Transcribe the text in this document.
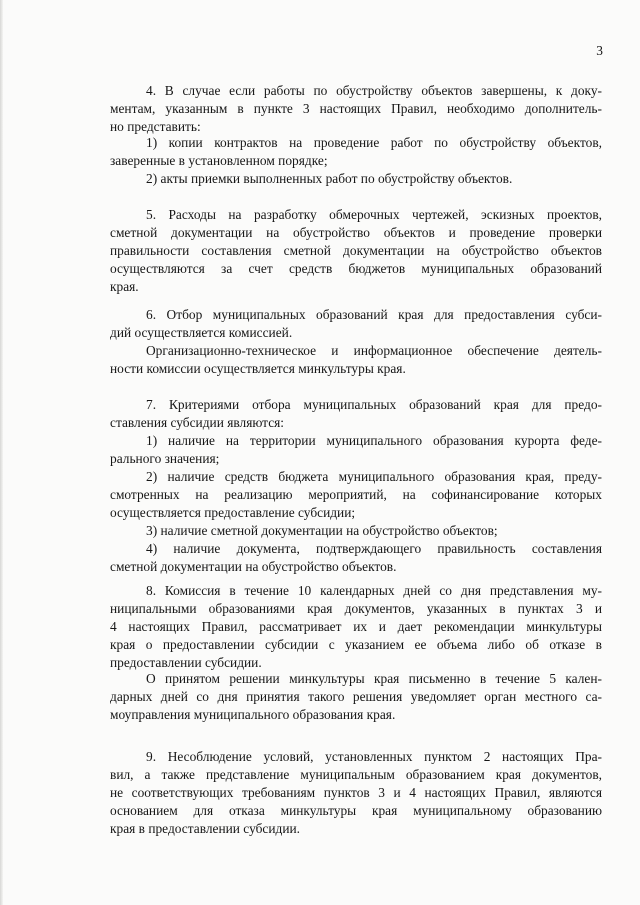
3
4. В случае если работы по обустройству объектов завершены, к доку-
ментам, указанным в пункте 3 настоящих Правил, необходимо дополнитель-
но представить:
1) копии контрактов на проведение работ по обустройству объектов,
заверенные в установленном порядке;
2) акты приемки выполненных работ по обустройству объектов.
5. Расходы на разработку обмерочных чертежей, эскизных проектов,
сметной документации на обустройство объектов и проведение проверки
правильности составления сметной документации на обустройство объектов
осуществляются за счет средств бюджетов муниципальных образований
края.
6. Отбор муниципальных образований края для предоставления субси-
дий осуществляется комиссией.
Организационно-техническое и информационное обеспечение деятель-
ности комиссии осуществляется минкультуры края.
7. Критериями отбора муниципальных образований края для предо-
ставления субсидии являются:
1) наличие на территории муниципального образования курорта феде-
рального значения;
2) наличие средств бюджета муниципального образования края, преду-
смотренных на реализацию мероприятий, на софинансирование которых
осуществляется предоставление субсидии;
3) наличие сметной документации на обустройство объектов;
4) наличие документа, подтверждающего правильность составления
сметной документации на обустройство объектов.
8. Комиссия в течение 10 календарных дней со дня представления му-
ниципальными образованиями края документов, указанных в пунктах 3 и
4 настоящих Правил, рассматривает их и дает рекомендации минкультуры
края о предоставлении субсидии с указанием ее объема либо об отказе в
предоставлении субсидии.
О принятом решении минкультуры края письменно в течение 5 кален-
дарных дней со дня принятия такого решения уведомляет орган местного са-
моуправления муниципального образования края.
9. Несоблюдение условий, установленных пунктом 2 настоящих Пра-
вил, а также представление муниципальным образованием края документов,
не соответствующих требованиям пунктов 3 и 4 настоящих Правил, являются
основанием для отказа минкультуры края муниципальному образованию
края в предоставлении субсидии.
